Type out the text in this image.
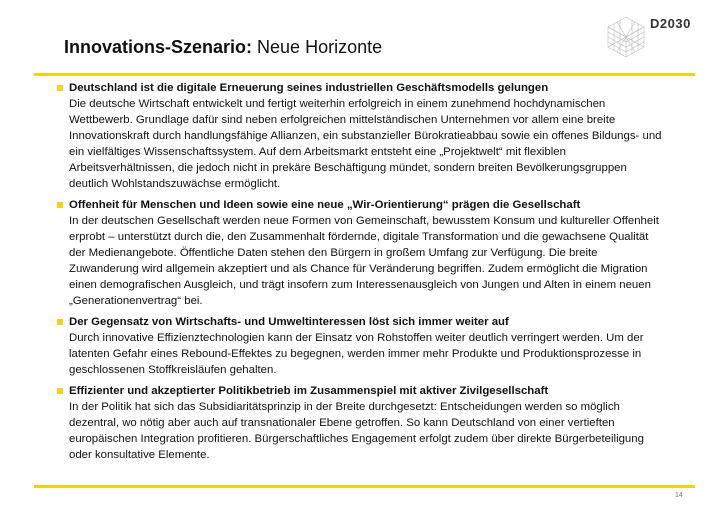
Innovations-Szenario: Neue Horizonte
D2030
Deutschland ist die digitale Erneuerung seines industriellen Geschäftsmodells gelungen
Die deutsche Wirtschaft entwickelt und fertigt weiterhin erfolgreich in einem zunehmend hochdynamischen Wettbewerb. Grundlage dafür sind neben erfolgreichen mittelständischen Unternehmen vor allem eine breite Innovationskraft durch handlungsfähige Allianzen, ein substanzieller Bürokratieabbau sowie ein offenes Bildungs- und ein vielfältiges Wissenschaftssystem. Auf dem Arbeitsmarkt entsteht eine „Projektwelt“ mit flexiblen Arbeitsverhältnissen, die jedoch nicht in prekäre Beschäftigung mündet, sondern breiten Bevölkerungsgruppen deutlich Wohlstandszuwächse ermöglicht.
Offenheit für Menschen und Ideen sowie eine neue „Wir-Orientierung“ prägen die Gesellschaft
In der deutschen Gesellschaft werden neue Formen von Gemeinschaft, bewusstem Konsum und kultureller Offenheit erprobt – unterstützt durch die, den Zusammenhalt fördernde, digitale Transformation und die gewachsene Qualität der Medienangebote. Öffentliche Daten stehen den Bürgern in großem Umfang zur Verfügung. Die breite Zuwanderung wird allgemein akzeptiert und als Chance für Veränderung begriffen. Zudem ermöglicht die Migration einen demografischen Ausgleich, und trägt insofern zum Interessenausgleich von Jungen und Alten in einem neuen „Generationenvertrag“ bei.
Der Gegensatz von Wirtschafts- und Umweltinteressen löst sich immer weiter auf
Durch innovative Effizienztechnologien kann der Einsatz von Rohstoffen weiter deutlich verringert werden. Um der latenten Gefahr eines Rebound-Effektes zu begegnen, werden immer mehr Produkte und Produktionsprozesse in geschlossenen Stoffkreisläufen gehalten.
Effizienter und akzeptierter Politikbetrieb im Zusammenspiel mit aktiver Zivilgesellschaft
In der Politik hat sich das Subsidiaritätsprinzip in der Breite durchgesetzt: Entscheidungen werden so möglich dezentral, wo nötig aber auch auf transnationaler Ebene getroffen. So kann Deutschland von einer vertieften europäischen Integration profitieren. Bürgerschaftliches Engagement erfolgt zudem über direkte Bürgerbeteiligung oder konsultative Elemente.
14
